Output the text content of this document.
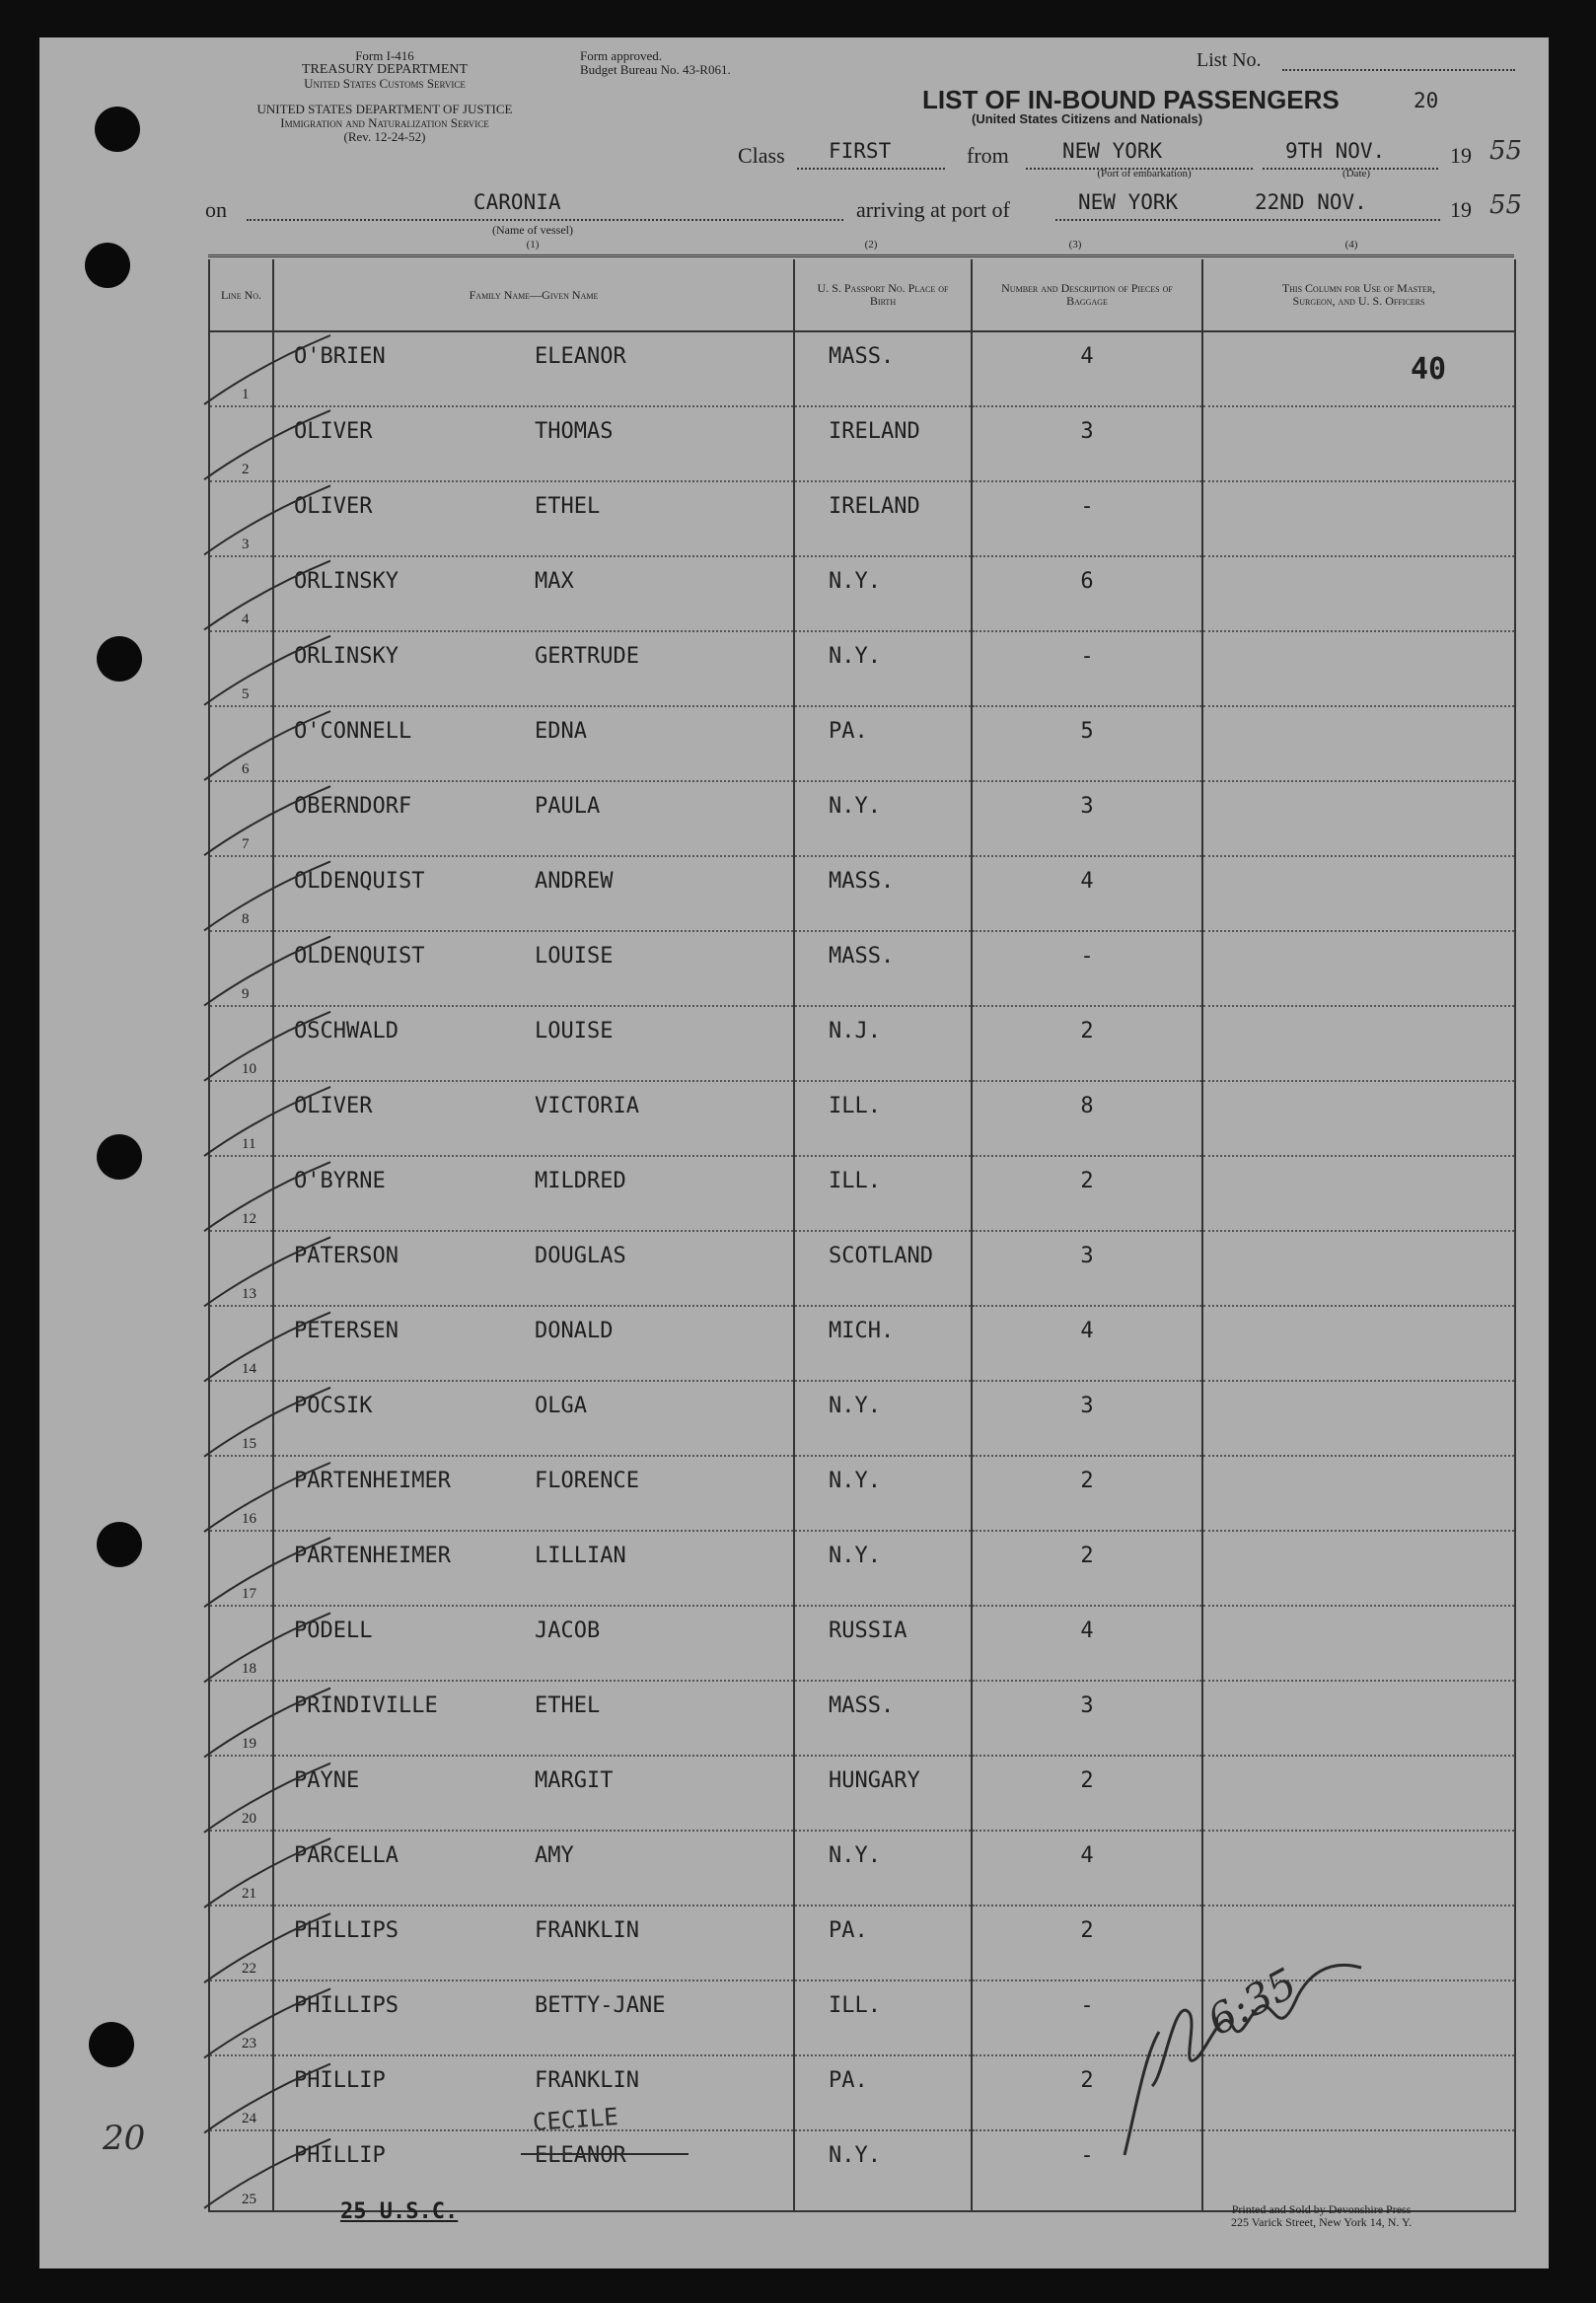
Form I-416
TREASURY DEPARTMENT
United States Customs Service
UNITED STATES DEPARTMENT OF JUSTICE
Immigration and Naturalization Service
(Rev. 12-24-52)
Form approved.
Budget Bureau No. 43-R061.	List No.
LIST OF IN-BOUND PASSENGERS
(United States Citizens and Nationals)
20
Class FIRST	from	NEW YORK
(Port of embarkation)
9TH NOV.
(Date)
19 55
on	CARONIA
(Name of vessel)
(1)
arriving at port of	NEW YORK	22ND NOV.	19 55
(2)	(3)	(4)
Line No.	Family Name—Given Name	U. S. Passport No. Place of Birth	Number and Description of Pieces of Baggage	This Column for Use of Master, Surgeon, and U. S. Officers

1	O'BRIEN ELEANOR	MASS.	4	40

2	OLIVER THOMAS	IRELAND	3	

3	OLIVER ETHEL	IRELAND	-	

4	ORLINSKY MAX	N.Y.	6	

5	ORLINSKY GERTRUDE	N.Y.	-	

6	O'CONNELL EDNA	PA.	5	

7	OBERNDORF PAULA	N.Y.	3	

8	OLDENQUIST ANDREW	MASS.	4	

9	OLDENQUIST LOUISE	MASS.	-	

10	OSCHWALD LOUISE	N.J.	2	

11	OLIVER VICTORIA	ILL.	8	

12	O'BYRNE MILDRED	ILL.	2	

13	PATERSON DOUGLAS	SCOTLAND	3	

14	PETERSEN DONALD	MICH.	4	

15	POCSIK OLGA	N.Y.	3	

16	PARTENHEIMER FLORENCE	N.Y.	2	

17	PARTENHEIMER LILLIAN	N.Y.	2	

18	PODELL JACOB	RUSSIA	4	

19	PRINDIVILLE ETHEL	MASS.	3	

20	PAYNE MARGIT	HUNGARY	2	

21	PARCELLA AMY	N.Y.	4	

22	PHILLIPS FRANKLIN	PA.	2	

23	PHILLIPS BETTY-JANE	ILL.	-	

24	PHILLIP FRANKLIN	PA.	2	

25	PHILLIP ELEANOR	N.Y.	-	

CECILE
20
6:35
25 U.S.C.	Printed and Sold by Devonshire Press
225 Varick Street, New York 14, N. Y.
